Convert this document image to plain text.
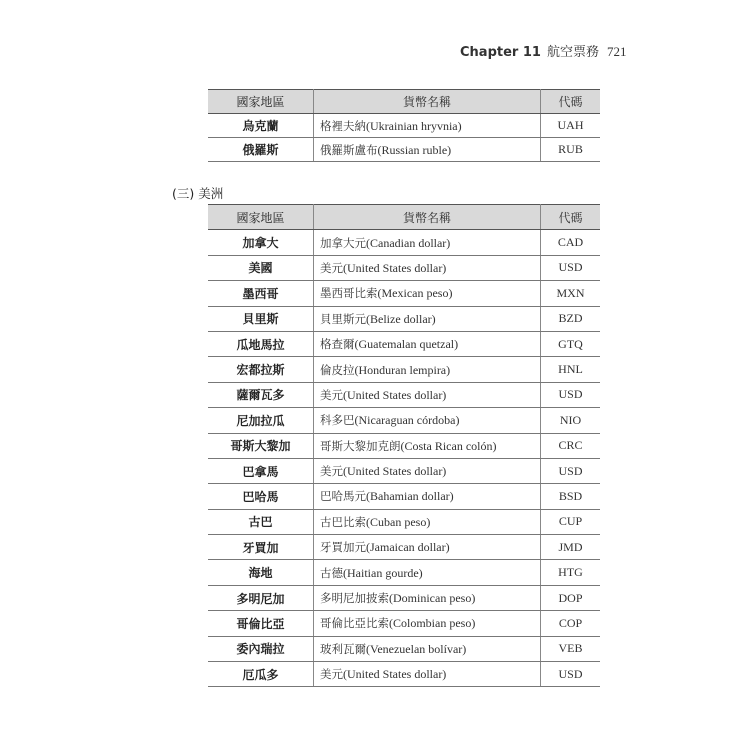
Chapter 11 航空票務 721
國家地區	貨幣名稱	代碼
烏克蘭	格裡夫納(Ukrainian hryvnia)	UAH
俄羅斯	俄羅斯盧布(Russian ruble)	RUB
(三) 美洲
國家地區	貨幣名稱	代碼
加拿大	加拿大元(Canadian dollar)	CAD
美國	美元(United States dollar)	USD
墨西哥	墨西哥比索(Mexican peso)	MXN
貝里斯	貝里斯元(Belize dollar)	BZD
瓜地馬拉	格查爾(Guatemalan quetzal)	GTQ
宏都拉斯	倫皮拉(Honduran lempira)	HNL
薩爾瓦多	美元(United States dollar)	USD
尼加拉瓜	科多巴(Nicaraguan córdoba)	NIO
哥斯大黎加	哥斯大黎加克朗(Costa Rican colón)	CRC
巴拿馬	美元(United States dollar)	USD
巴哈馬	巴哈馬元(Bahamian dollar)	BSD
古巴	古巴比索(Cuban peso)	CUP
牙買加	牙買加元(Jamaican dollar)	JMD
海地	古德(Haitian gourde)	HTG
多明尼加	多明尼加披索(Dominican peso)	DOP
哥倫比亞	哥倫比亞比索(Colombian peso)	COP
委內瑞拉	玻利瓦爾(Venezuelan bolívar)	VEB
厄瓜多	美元(United States dollar)	USD
